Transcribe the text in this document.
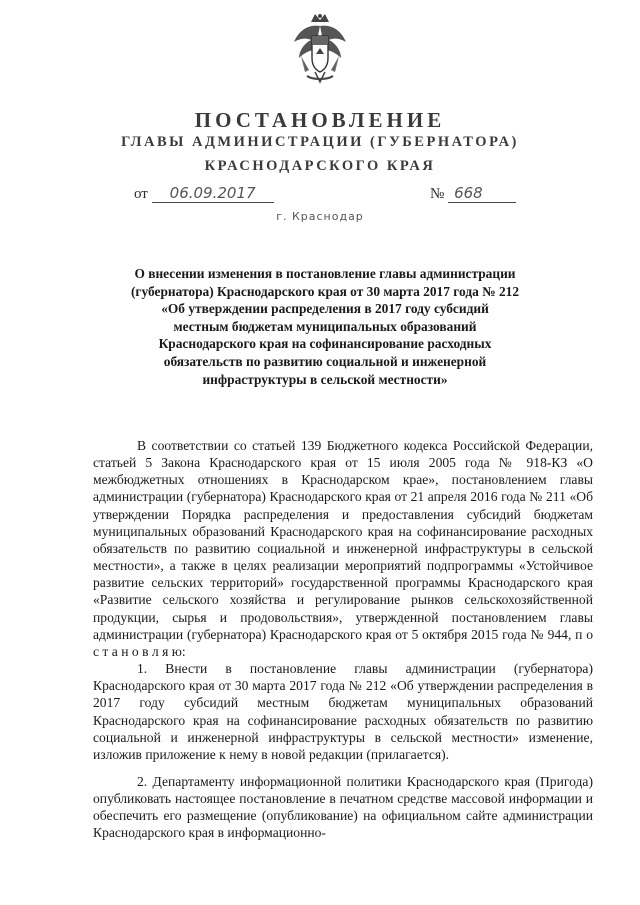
ПОСТАНОВЛЕНИЕ
ГЛАВЫ АДМИНИСТРАЦИИ (ГУБЕРНАТОРА)
КРАСНОДАРСКОГО КРАЯ
от 06.09.2017	№ 668
г. Краснодар
О внесении изменения в постановление главы администрации
(губернатора) Краснодарского края от 30 марта 2017 года № 212
«Об утверждении распределения в 2017 году субсидий
местным бюджетам муниципальных образований
Краснодарского края на софинансирование расходных
обязательств по развитию социальной и инженерной
инфраструктуры в сельской местности»

В соответствии со статьей 139 Бюджетного кодекса Российской Федерации, статьей 5 Закона Краснодарского края от 15 июля 2005 года № 918-КЗ «О межбюджетных отношениях в Краснодарском крае», постановлением главы администрации (губернатора) Краснодарского края от 21 апреля 2016 года № 211 «Об утверждении Порядка распределения и предоставления субсидий бюджетам муниципальных образований Краснодарского края на софинансирование расходных обязательств по развитию социальной и инженерной инфраструктуры в сельской местности», а также в целях реализации мероприятий подпрограммы «Устойчивое развитие сельских территорий» государственной программы Краснодарского края «Развитие сельского хозяйства и регулирование рынков сельскохозяйственной продукции, сырья и продовольствия», утвержденной постановлением главы администрации (губернатора) Краснодарского края от 5 октября 2015 года № 944, п о с т а н о в л я ю:

1. Внести в постановление главы администрации (губернатора) Краснодарского края от 30 марта 2017 года № 212 «Об утверждении распределения в 2017 году субсидий местным бюджетам муниципальных образований Краснодарского края на софинансирование расходных обязательств по развитию социальной и инженерной инфраструктуры в сельской местности» изменение, изложив приложение к нему в новой редакции (прилагается).

2. Департаменту информационной политики Краснодарского края (Пригода) опубликовать настоящее постановление в печатном средстве массовой информации и обеспечить его размещение (опубликование) на официальном сайте администрации Краснодарского края в информационно-
